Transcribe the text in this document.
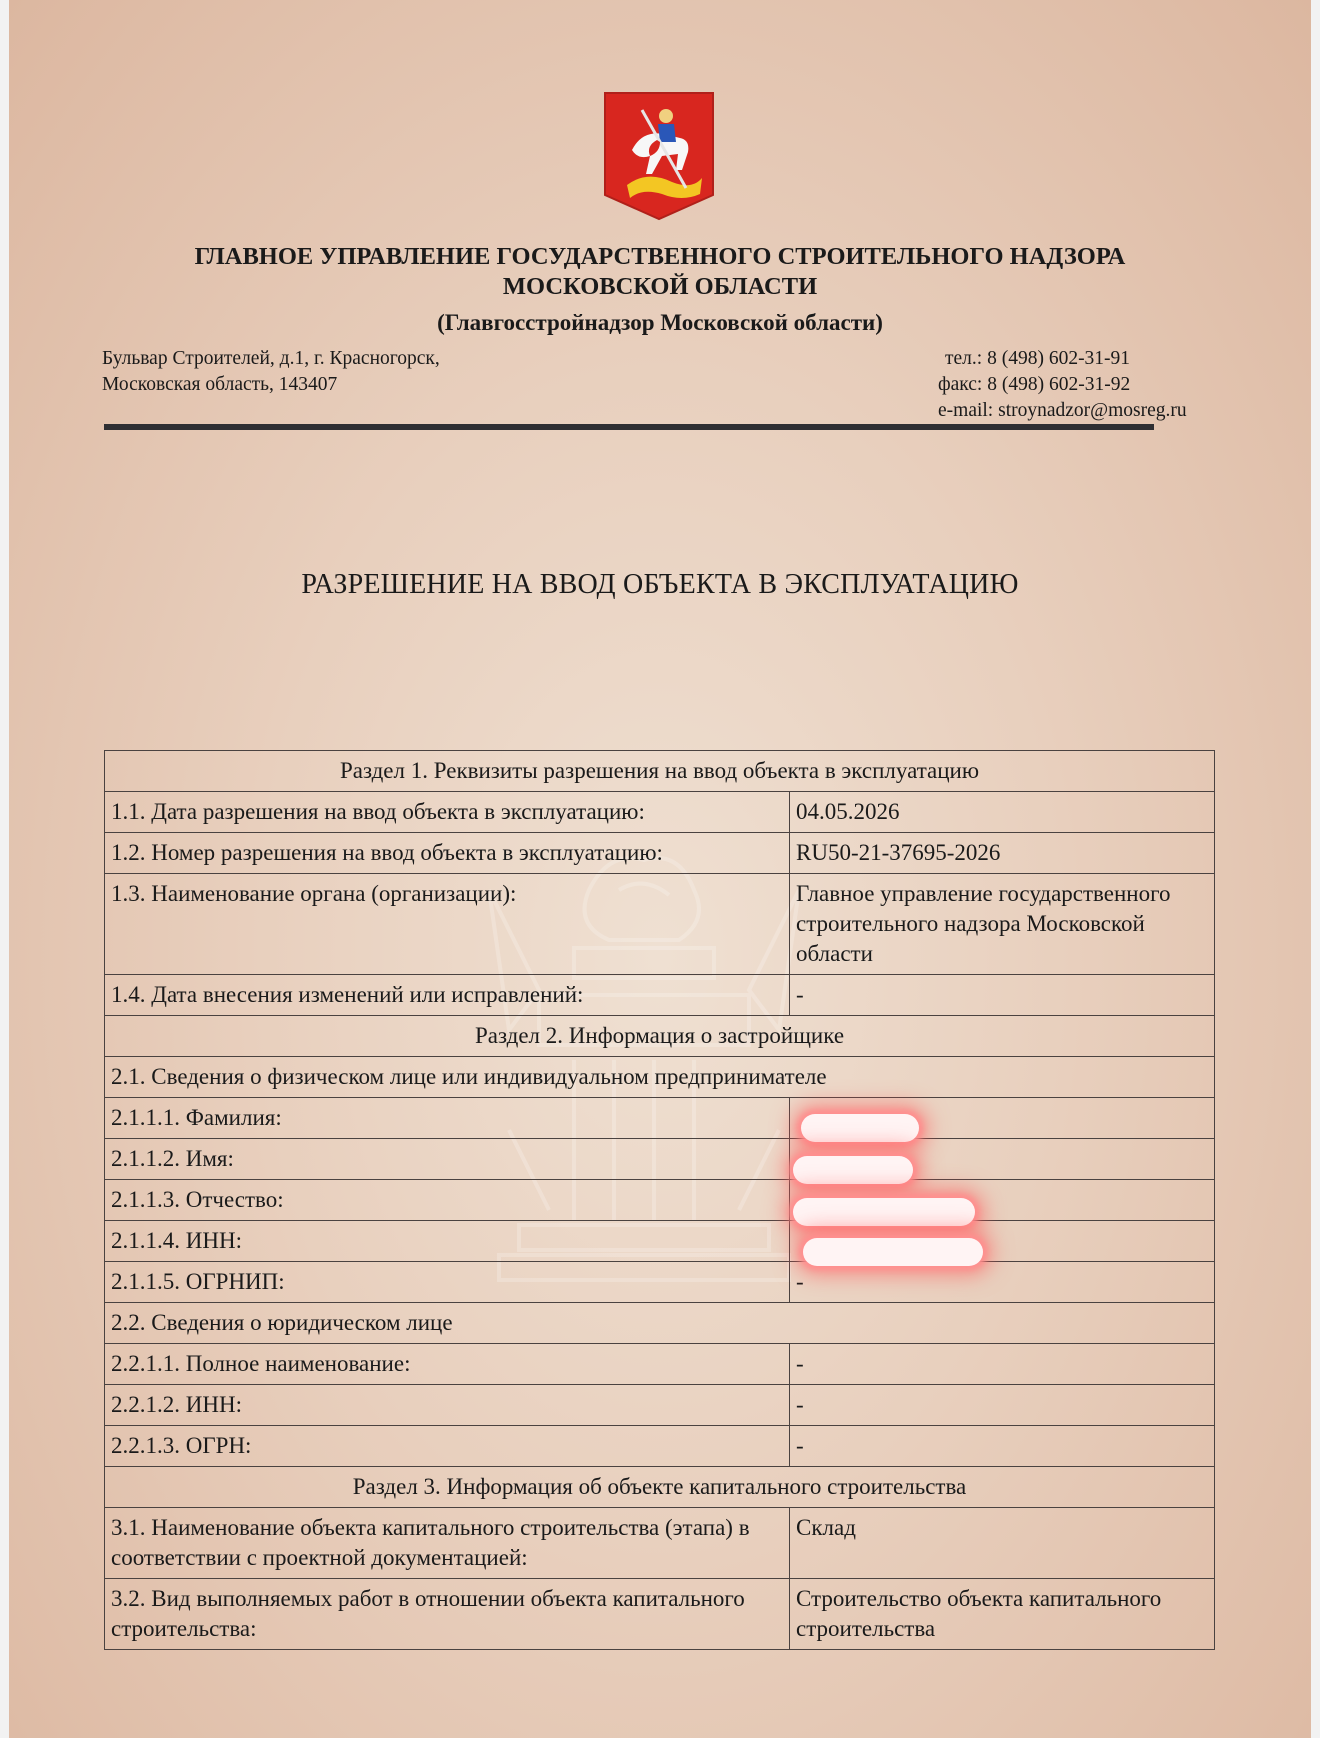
ГЛАВНОЕ УПРАВЛЕНИЕ ГОСУДАРСТВЕННОГО СТРОИТЕЛЬНОГО НАДЗОРА
МОСКОВСКОЙ ОБЛАСТИ
(Главгосстройнадзор Московской области)
Бульвар Строителей, д.1, г. Красногорск,
Московская область, 143407
тел.: 8 (498) 602-31-91
факс: 8 (498) 602-31-92
e-mail: stroynadzor@mosreg.ru
РАЗРЕШЕНИЕ НА ВВОД ОБЪЕКТА В ЭКСПЛУАТАЦИЮ
Раздел 1. Реквизиты разрешения на ввод объекта в эксплуатацию	
1.1. Дата разрешения на ввод объекта в эксплуатацию:	04.05.2026
1.2. Номер разрешения на ввод объекта в эксплуатацию:	RU50-21-37695-2026
1.3. Наименование органа (организации):	Главное управление государственного строительного надзора Московской области
1.4. Дата внесения изменений или исправлений:	-
Раздел 2. Информация о застройщике	
2.1. Сведения о физическом лице или индивидуальном предпринимателе	
2.1.1.1. Фамилия:	
2.1.1.2. Имя:	
2.1.1.3. Отчество:	
2.1.1.4. ИНН:	
2.1.1.5. ОГРНИП:	-
2.2. Сведения о юридическом лице	
2.2.1.1. Полное наименование:	-
2.2.1.2. ИНН:	-
2.2.1.3. ОГРН:	-
Раздел 3. Информация об объекте капитального строительства	
3.1. Наименование объекта капитального строительства (этапа) в соответствии с проектной документацией:	Склад
3.2. Вид выполняемых работ в отношении объекта капитального строительства:	Строительство объекта капитального строительства
